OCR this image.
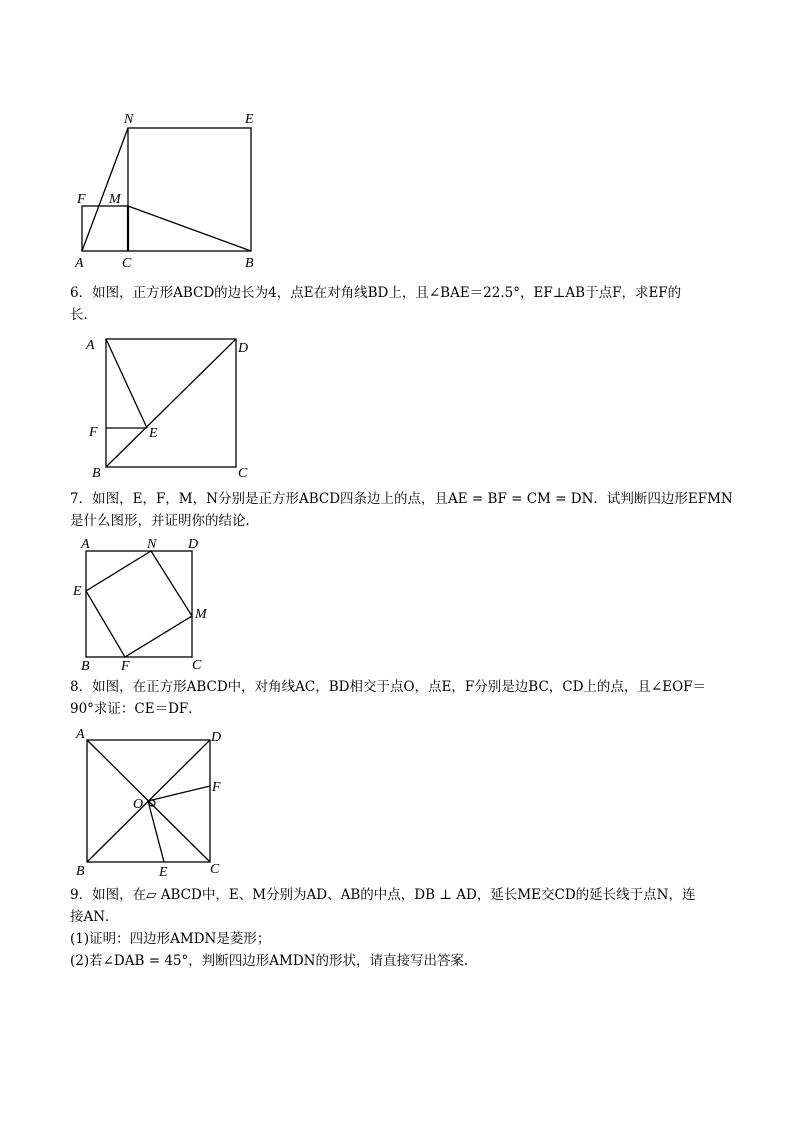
N	E
F M
A	C	B
A	D
F	E
B	C
A	N D
E
M
B F	C
A	D
F
O
B	E	C
6．如图，正方形ABCD的边长为4，点E在对角线BD上，且∠BAE＝22.5°，EF⊥AB于点F，求EF的
长．
7．如图，E，F，M，N分别是正方形ABCD四条边上的点，且AE = BF = CM = DN．试判断四边形EFMN
是什么图形，并证明你的结论．
8．如图，在正方形ABCD中，对角线AC，BD相交于点O，点E，F分别是边BC，CD上的点，且∠EOF＝
90°求证：CE＝DF．
9．如图，在▱ ABCD中，E、M分别为AD、AB的中点，DB ⊥ AD，延长ME交CD的延长线于点N，连
接AN．
(1)证明：四边形AMDN是菱形；
(2)若∠DAB = 45°，判断四边形AMDN的形状，请直接写出答案．
